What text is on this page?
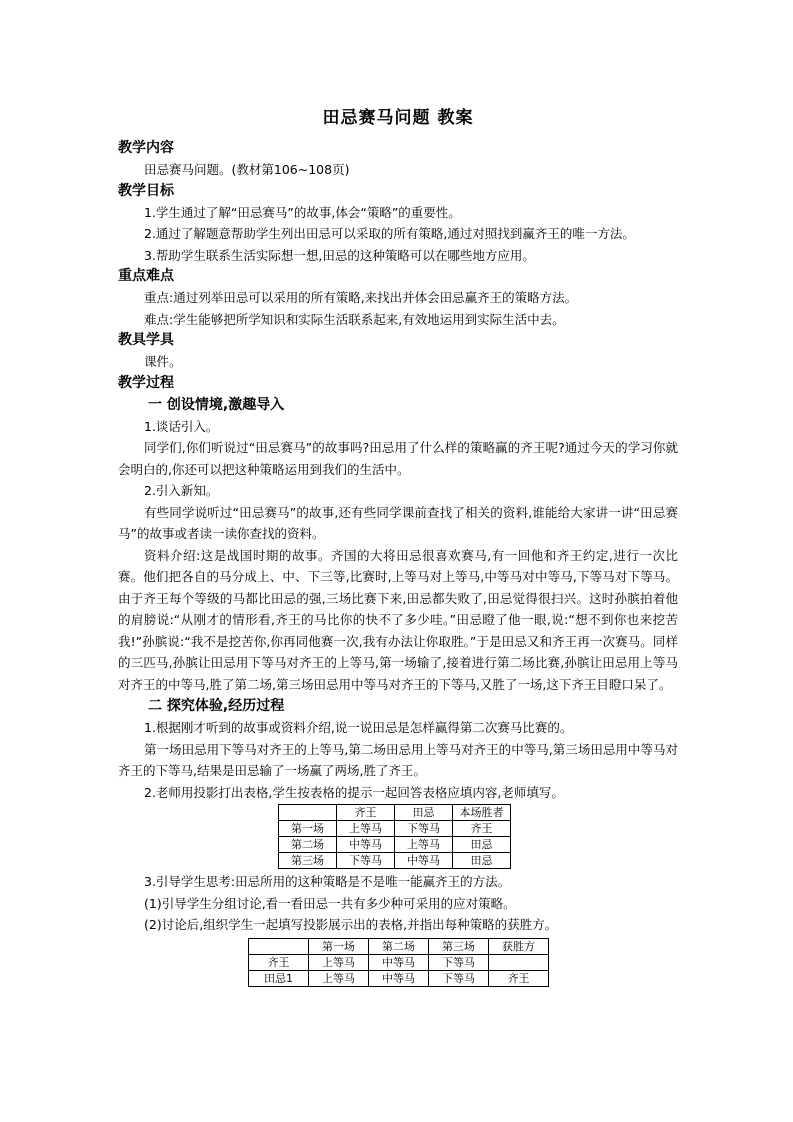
田忌赛马问题 教案
教学内容
田忌赛马问题。(教材第106~108页)
教学目标
1.学生通过了解“田忌赛马”的故事,体会“策略”的重要性。
2.通过了解题意帮助学生列出田忌可以采取的所有策略,通过对照找到赢齐王的唯一方法。
3.帮助学生联系生活实际想一想,田忌的这种策略可以在哪些地方应用。
重点难点
重点:通过列举田忌可以采用的所有策略,来找出并体会田忌赢齐王的策略方法。
难点:学生能够把所学知识和实际生活联系起来,有效地运用到实际生活中去。
教具学具
课件。
教学过程
一 创设情境,激趣导入
1.谈话引入。
同学们,你们听说过“田忌赛马”的故事吗?田忌用了什么样的策略赢的齐王呢?通过今天的学习你就会明白的,你还可以把这种策略运用到我们的生活中。
2.引入新知。
有些同学说听过“田忌赛马”的故事,还有些同学课前查找了相关的资料,谁能给大家讲一讲“田忌赛马”的故事或者读一读你查找的资料。
资料介绍:这是战国时期的故事。齐国的大将田忌很喜欢赛马,有一回他和齐王约定,进行一次比赛。他们把各自的马分成上、中、下三等,比赛时,上等马对上等马,中等马对中等马,下等马对下等马。由于齐王每个等级的马都比田忌的强,三场比赛下来,田忌都失败了,田忌觉得很扫兴。这时孙膑拍着他的肩膀说:“从刚才的情形看,齐王的马比你的快不了多少哇。”田忌瞪了他一眼,说:“想不到你也来挖苦我!”孙膑说:“我不是挖苦你,你再同他赛一次,我有办法让你取胜。”于是田忌又和齐王再一次赛马。同样的三匹马,孙膑让田忌用下等马对齐王的上等马,第一场输了,接着进行第二场比赛,孙膑让田忌用上等马对齐王的中等马,胜了第二场,第三场田忌用中等马对齐王的下等马,又胜了一场,这下齐王目瞪口呆了。
二 探究体验,经历过程
1.根据刚才听到的故事或资料介绍,说一说田忌是怎样赢得第二次赛马比赛的。
第一场田忌用下等马对齐王的上等马,第二场田忌用上等马对齐王的中等马,第三场田忌用中等马对齐王的下等马,结果是田忌输了一场赢了两场,胜了齐王。
2.老师用投影打出表格,学生按表格的提示一起回答表格应填内容,老师填写。
	齐王	田忌	本场胜者
第一场	上等马	下等马	齐王
第二场	中等马	上等马	田忌
第三场	下等马	中等马	田忌
3.引导学生思考:田忌所用的这种策略是不是唯一能赢齐王的方法。
(1)引导学生分组讨论,看一看田忌一共有多少种可采用的应对策略。
(2)讨论后,组织学生一起填写投影展示出的表格,并指出每种策略的获胜方。
	第一场	第二场	第三场	获胜方
齐王	上等马	中等马	下等马	
田忌1	上等马	中等马	下等马	齐王
